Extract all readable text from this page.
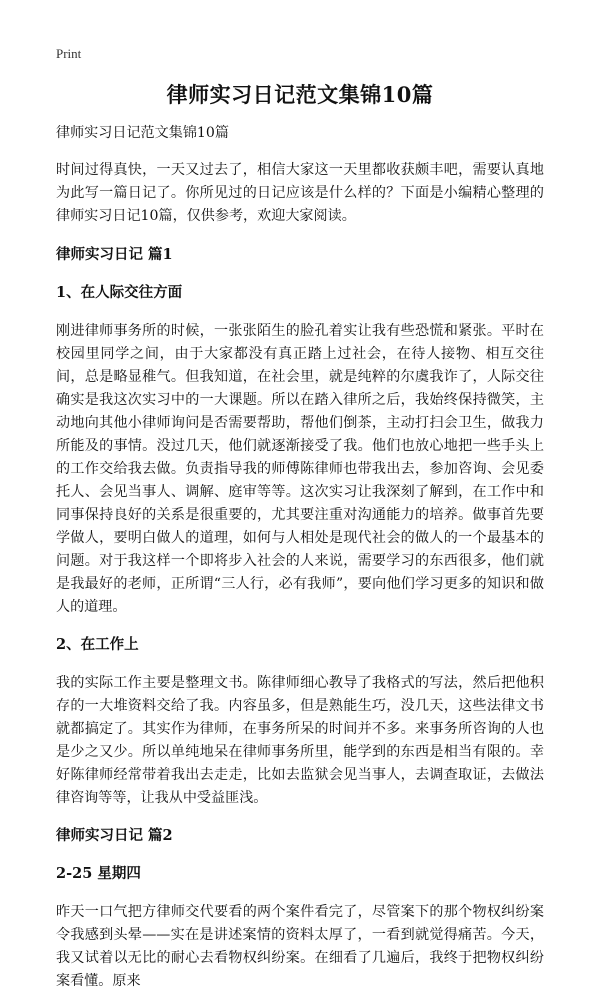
Print
律师实习日记范文集锦10篇

律师实习日记范文集锦10篇

时间过得真快，一天又过去了，相信大家这一天里都收获颇丰吧，需要认真地为此写一篇日记了。你所见过的日记应该是什么样的？下面是小编精心整理的律师实习日记10篇，仅供参考，欢迎大家阅读。

律师实习日记 篇1
1、在人际交往方面

刚进律师事务所的时候，一张张陌生的脸孔着实让我有些恐慌和紧张。平时在校园里同学之间，由于大家都没有真正踏上过社会，在待人接物、相互交往间，总是略显稚气。但我知道，在社会里，就是纯粹的尔虞我诈了，人际交往确实是我这次实习中的一大课题。所以在踏入律所之后，我始终保持微笑，主动地向其他小律师询问是否需要帮助，帮他们倒茶，主动打扫会卫生，做我力所能及的事情。没过几天，他们就逐渐接受了我。他们也放心地把一些手头上的工作交给我去做。负责指导我的师傅陈律师也带我出去，参加咨询、会见委托人、会见当事人、调解、庭审等等。这次实习让我深刻了解到，在工作中和同事保持良好的关系是很重要的，尤其要注重对沟通能力的培养。做事首先要学做人，要明白做人的道理，如何与人相处是现代社会的做人的一个最基本的问题。对于我这样一个即将步入社会的人来说，需要学习的东西很多，他们就是我最好的老师，正所谓“三人行，必有我师”，要向他们学习更多的知识和做人的道理。

2、在工作上

我的实际工作主要是整理文书。陈律师细心教导了我格式的写法，然后把他积存的一大堆资料交给了我。内容虽多，但是熟能生巧，没几天，这些法律文书就都搞定了。其实作为律师，在事务所呆的时间并不多。来事务所咨询的人也是少之又少。所以单纯地呆在律师事务所里，能学到的东西是相当有限的。幸好陈律师经常带着我出去走走，比如去监狱会见当事人，去调查取证，去做法律咨询等等，让我从中受益匪浅。

律师实习日记 篇2
2-25 星期四

昨天一口气把方律师交代要看的两个案件看完了，尽管案下的那个物权纠纷案令我感到头晕——实在是讲述案情的资料太厚了，一看到就觉得痛苦。今天，我又试着以无比的耐心去看物权纠纷案。在细看了几遍后，我终于把物权纠纷案看懂。原来
